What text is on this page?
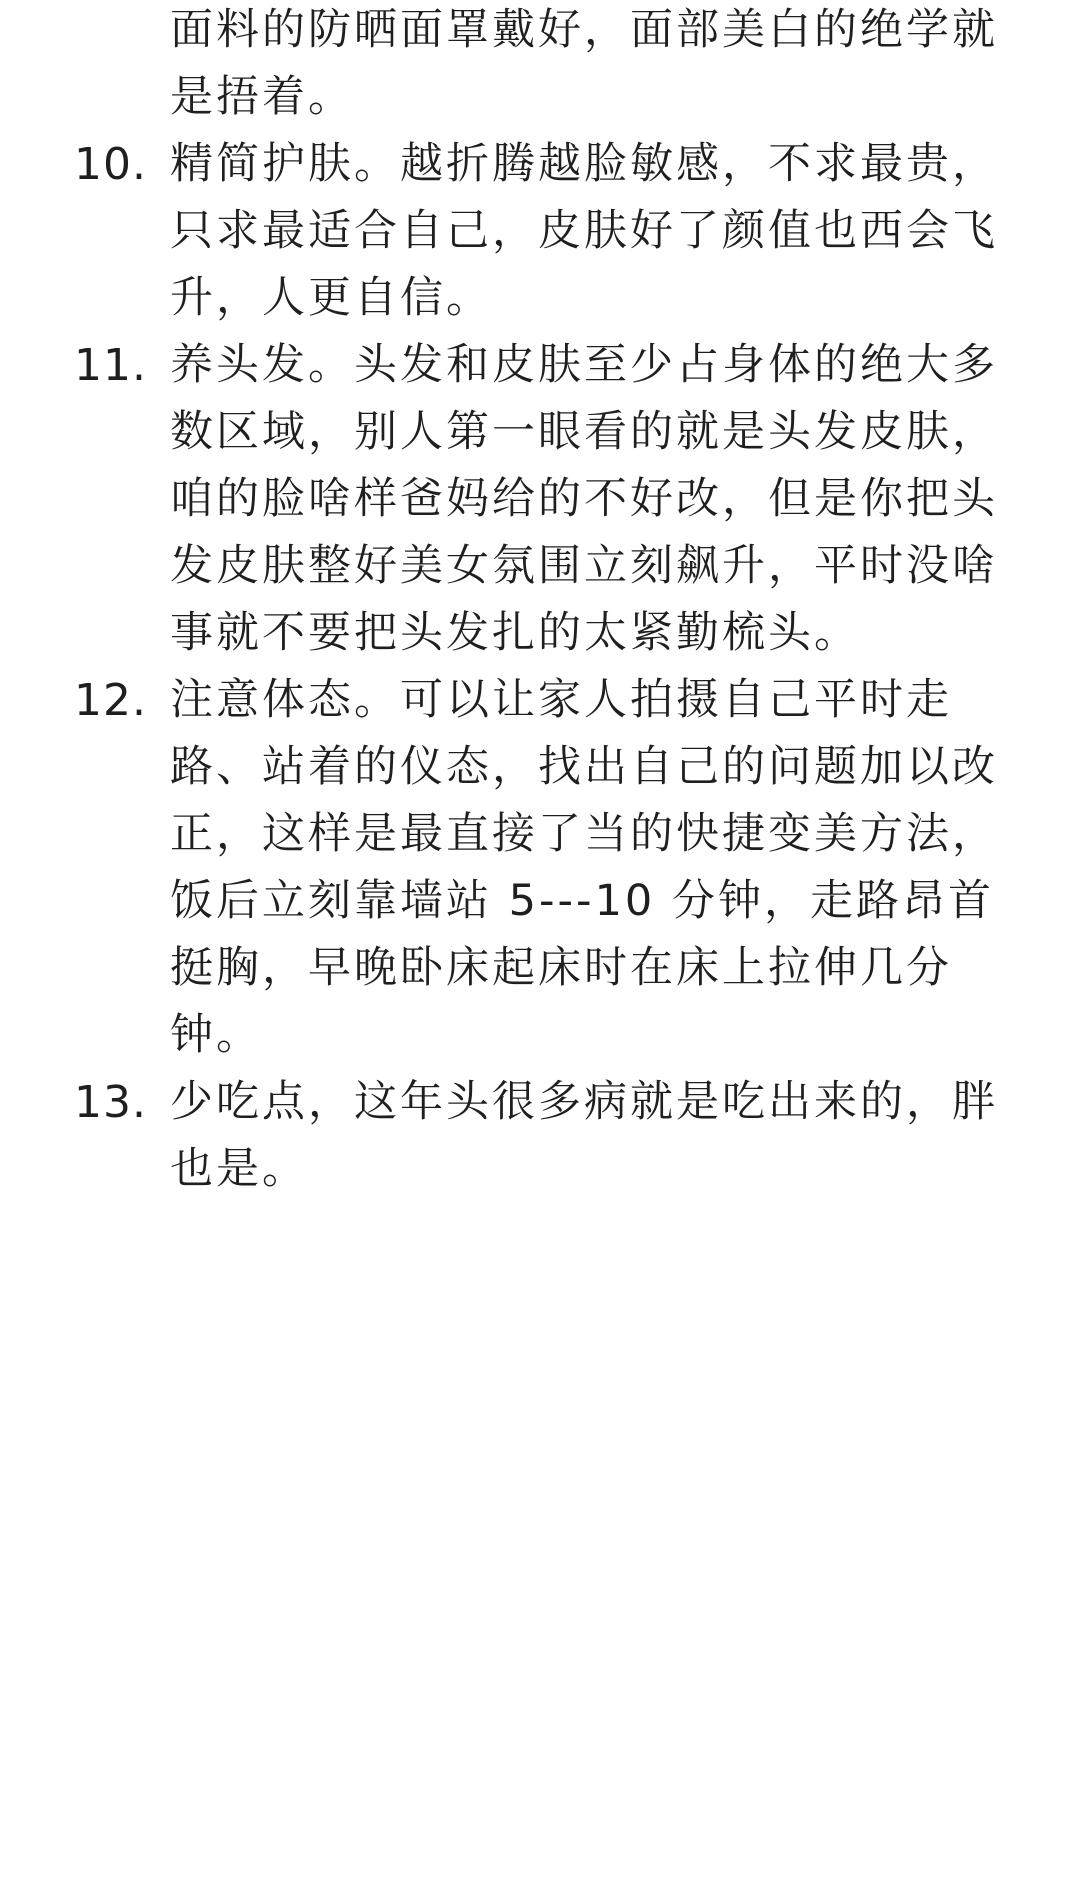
面料的防晒面罩戴好，面部美白的绝学就是捂着。
10. 精简护肤。越折腾越脸敏感，不求最贵，只求最适合自己，皮肤好了颜值也西会飞升，人更自信。
11. 养头发。头发和皮肤至少占身体的绝大多数区域，别人第一眼看的就是头发皮肤，咱的脸啥样爸妈给的不好改，但是你把头发皮肤整好美女氛围立刻飙升，平时没啥事就不要把头发扎的太紧勤梳头。
12. 注意体态。可以让家人拍摄自己平时走路、站着的仪态，找出自己的问题加以改正，这样是最直接了当的快捷变美方法，饭后立刻靠墙站 5---10 分钟，走路昂首挺胸，早晚卧床起床时在床上拉伸几分钟。
13. 少吃点，这年头很多病就是吃出来的，胖也是。
